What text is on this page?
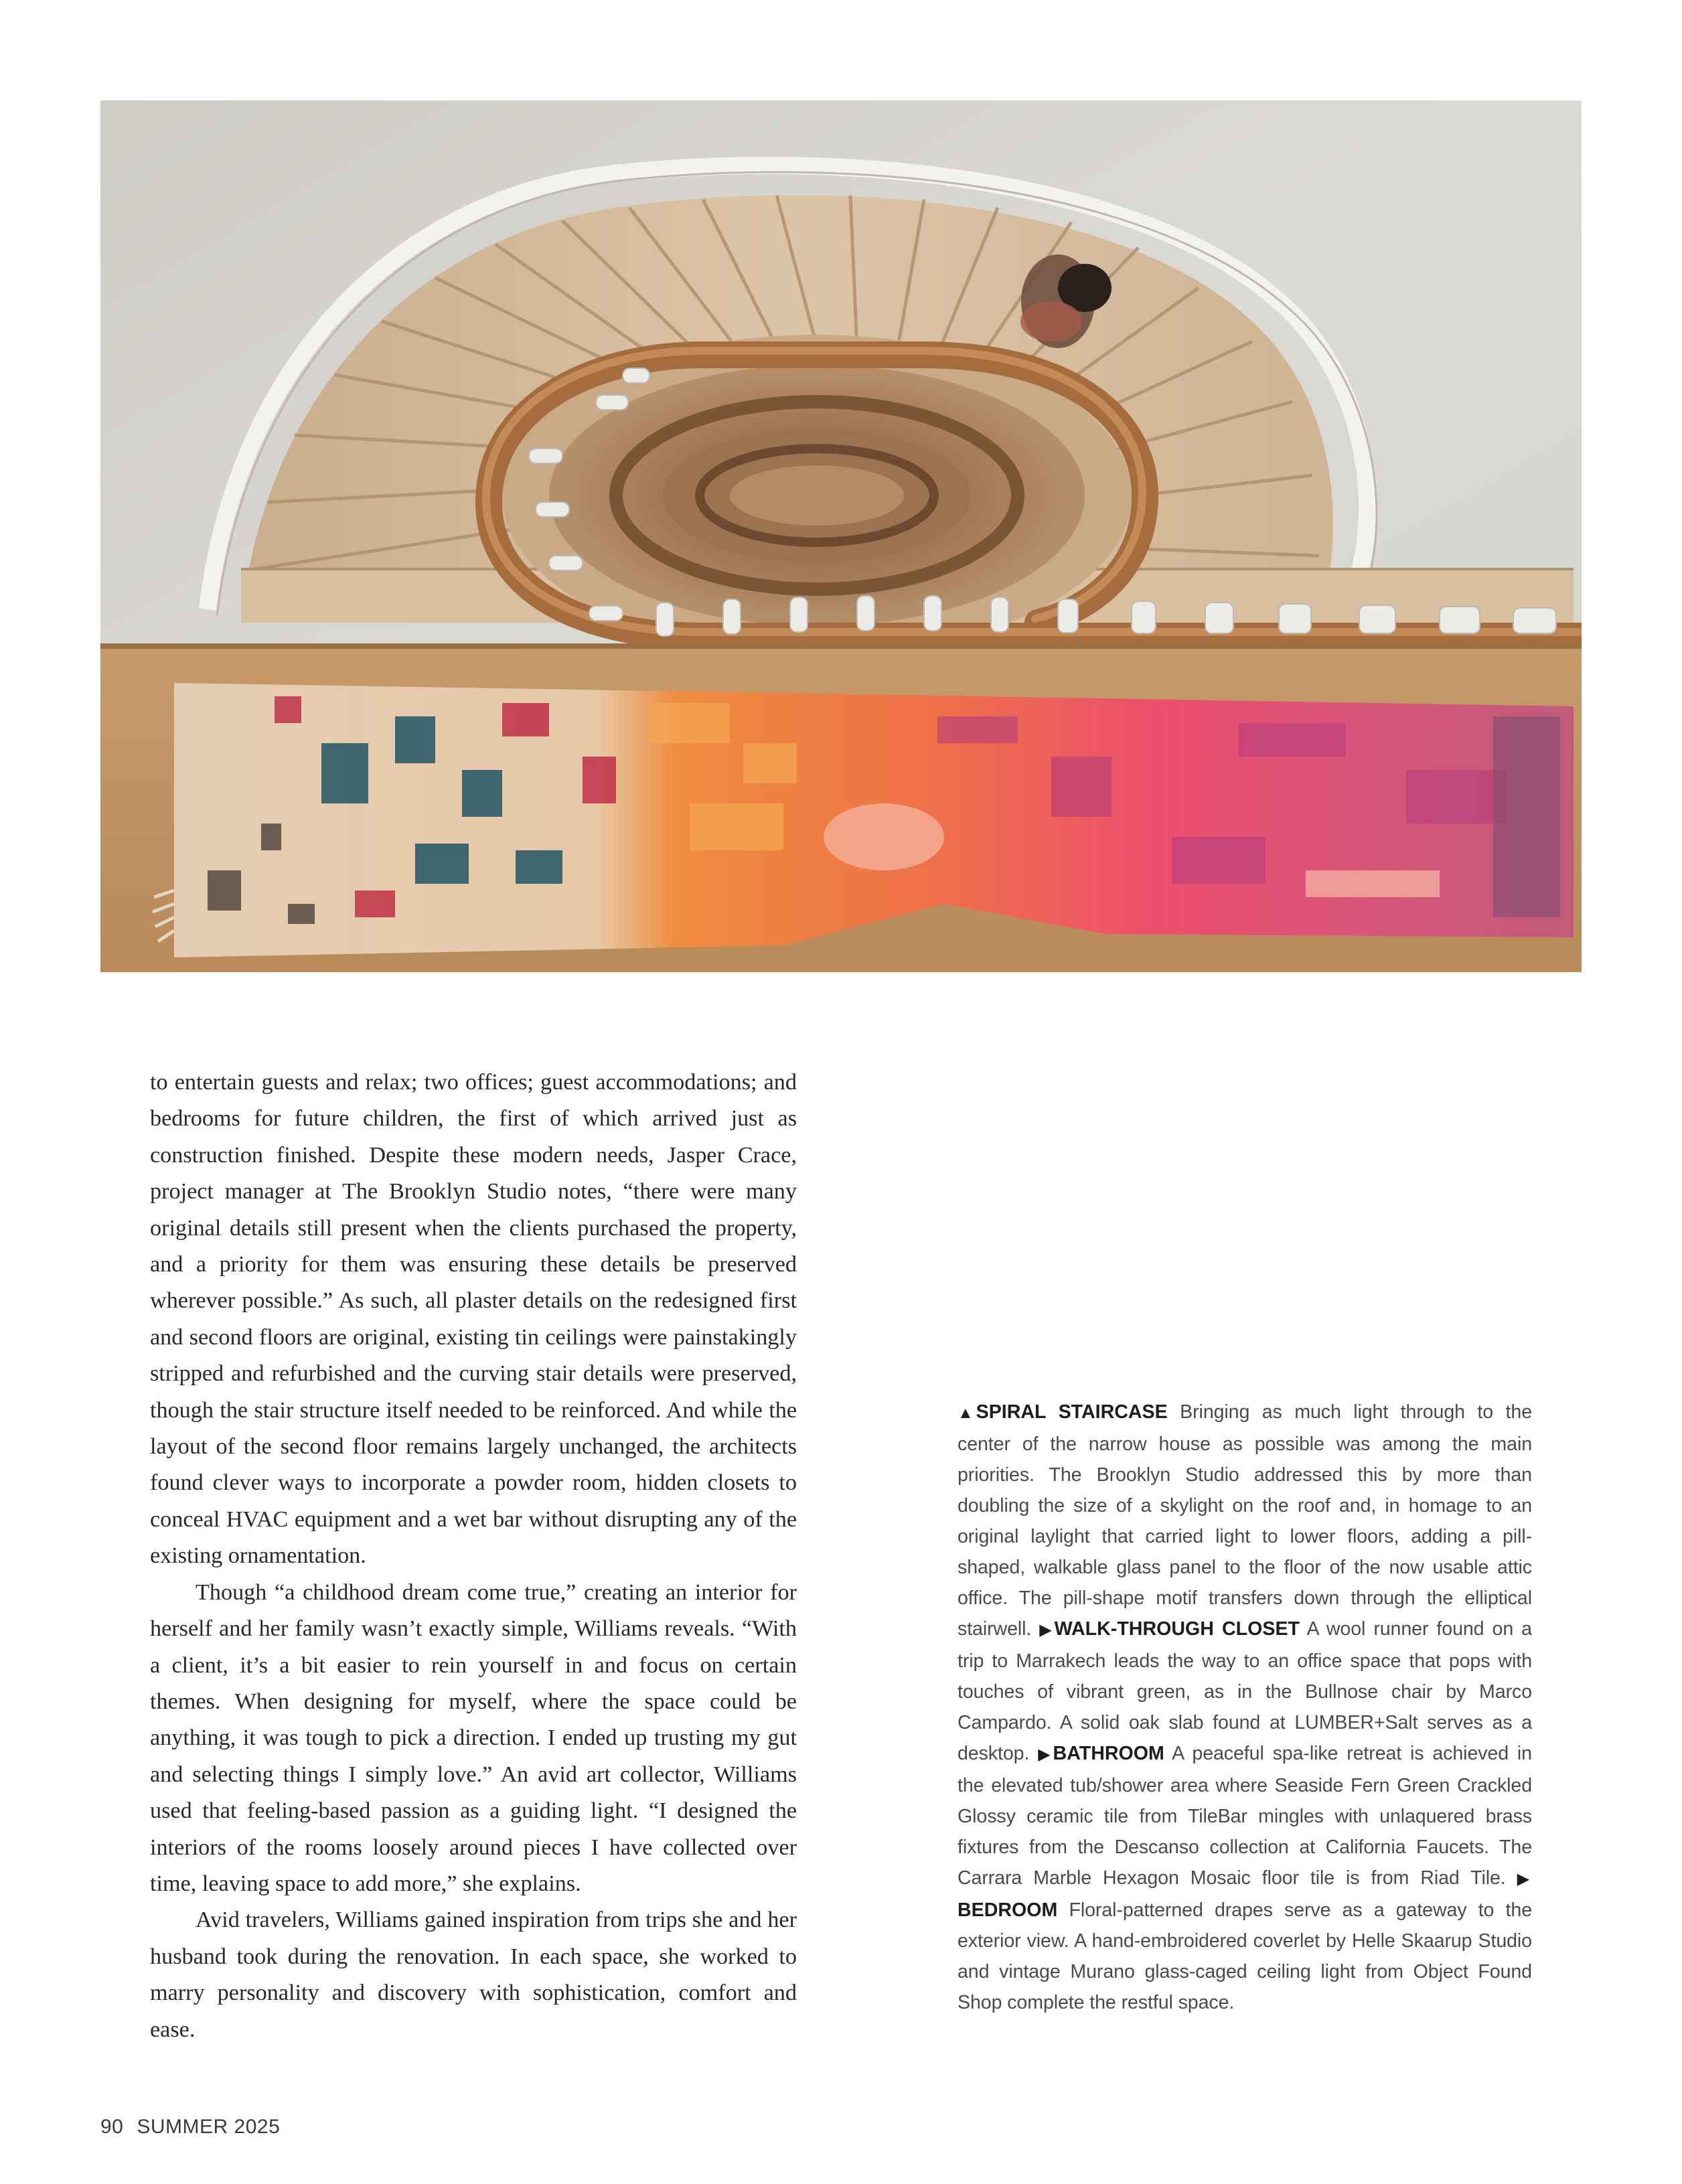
to entertain guests and relax; two offices; guest accommodations; and bedrooms for future children, the first of which arrived just as construction finished. Despite these modern needs, Jasper Crace, project manager at The Brooklyn Studio notes, “there were many original details still present when the clients purchased the property, and a priority for them was ensuring these details be preserved wherever possible.” As such, all plaster details on the redesigned first and second floors are original, existing tin ceilings were painstakingly stripped and refurbished and the curving stair details were preserved, though the stair structure itself needed to be reinforced. And while the layout of the second floor remains largely unchanged, the architects found clever ways to incorporate a powder room, hidden closets to conceal HVAC equipment and a wet bar without disrupting any of the existing ornamentation.

Though “a childhood dream come true,” creating an interior for herself and her family wasn’t exactly simple, Williams reveals. “With a client, it’s a bit easier to rein yourself in and focus on certain themes. When designing for myself, where the space could be anything, it was tough to pick a direction. I ended up trusting my gut and selecting things I simply love.” An avid art collector, Williams used that feeling-based passion as a guiding light. “I designed the interiors of the rooms loosely around pieces I have collected over time, leaving space to add more,” she explains.

Avid travelers, Williams gained inspiration from trips she and her husband took during the renovation. In each space, she worked to marry personality and discovery with sophistication, comfort and ease.

▲ SPIRAL STAIRCASE Bringing as much light through to the center of the narrow house as possible was among the main priorities. The Brooklyn Studio addressed this by more than doubling the size of a skylight on the roof and, in homage to an original laylight that carried light to lower floors, adding a pill-shaped, walkable glass panel to the floor of the now usable attic office. The pill-shape motif transfers down through the elliptical stairwell. ▶ WALK-THROUGH CLOSET A wool runner found on a trip to Marrakech leads the way to an office space that pops with touches of vibrant green, as in the Bullnose chair by Marco Campardo. A solid oak slab found at LUMBER+Salt serves as a desktop. ▶ BATHROOM A peaceful spa-like retreat is achieved in the elevated tub/shower area where Seaside Fern Green Crackled Glossy ceramic tile from TileBar mingles with unlaquered brass fixtures from the Descanso collection at California Faucets. The Carrara Marble Hexagon Mosaic floor tile is from Riad Tile. ▶BEDROOM Floral-patterned drapes serve as a gateway to the exterior view. A hand-embroidered coverlet by Helle Skaarup Studio and vintage Murano glass-caged ceiling light from Object Found Shop complete the restful space.
90 SUMMER 2025
